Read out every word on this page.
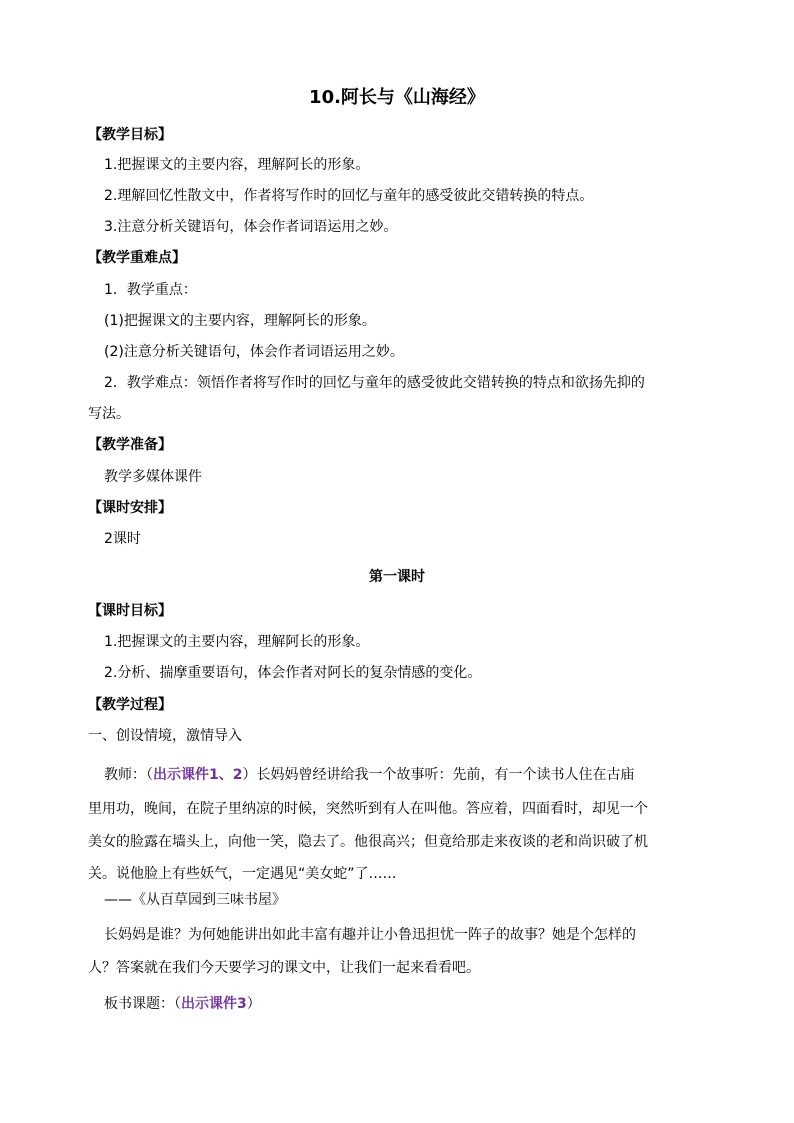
10.阿长与《山海经》
【教学目标】
1.把握课文的主要内容，理解阿长的形象。
2.理解回忆性散文中，作者将写作时的回忆与童年的感受彼此交错转换的特点。
3.注意分析关键语句，体会作者词语运用之妙。
【教学重难点】
1．教学重点：
(1)把握课文的主要内容，理解阿长的形象。
(2)注意分析关键语句，体会作者词语运用之妙。
2．教学难点：领悟作者将写作时的回忆与童年的感受彼此交错转换的特点和欲扬先抑的
写法。
【教学准备】
教学多媒体课件
【课时安排】
2课时
第一课时
【课时目标】
1.把握课文的主要内容，理解阿长的形象。
2.分析、揣摩重要语句，体会作者对阿长的复杂情感的变化。
【教学过程】
一、创设情境，激情导入
教师：（出示课件1、2）长妈妈曾经讲给我一个故事听：先前，有一个读书人住在古庙
里用功，晚间，在院子里纳凉的时候，突然听到有人在叫他。答应着，四面看时，却见一个
美女的脸露在墙头上，向他一笑，隐去了。他很高兴；但竟给那走来夜谈的老和尚识破了机
关。说他脸上有些妖气，一定遇见“美女蛇”了……
——《从百草园到三味书屋》
长妈妈是谁？为何她能讲出如此丰富有趣并让小鲁迅担忧一阵子的故事？她是个怎样的
人？答案就在我们今天要学习的课文中，让我们一起来看看吧。
板书课题：（出示课件3）
